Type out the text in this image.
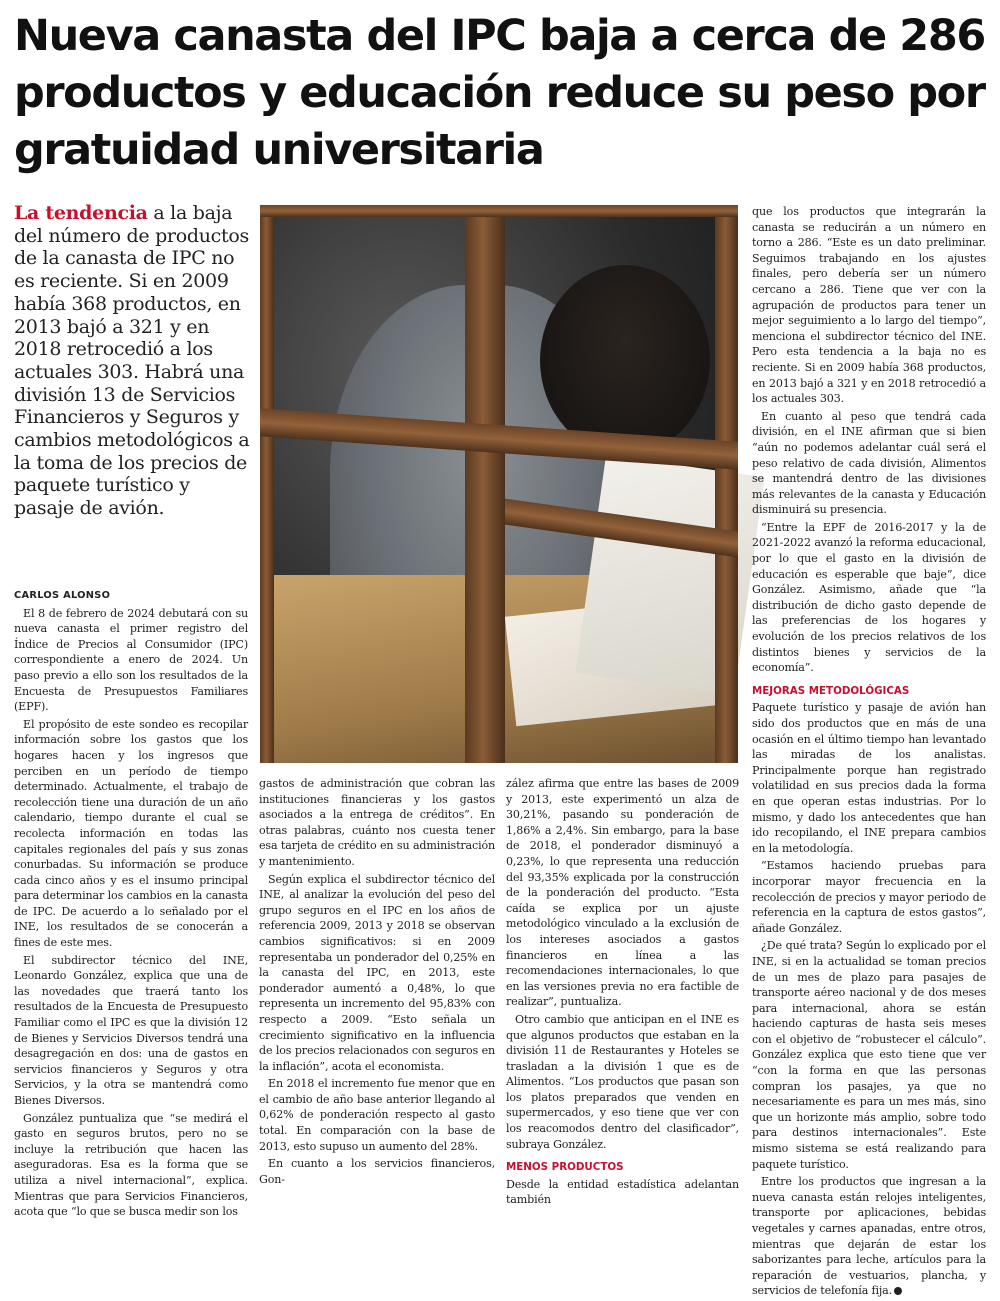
Nueva canasta del IPC baja a cerca de 286 productos y educación reduce su peso por gratuidad universitaria
La tendencia a la baja del número de productos de la canasta de IPC no es reciente. Si en 2009 había 368 productos, en 2013 bajó a 321 y en 2018 retrocedió a los actuales 303. Habrá una división 13 de Servicios Financieros y Seguros y cambios metodológicos a la toma de los precios de paquete turístico y pasaje de avión.
CARLOS ALONSO

El 8 de febrero de 2024 debutará con su nueva canasta el primer registro del Índice de Precios al Consumidor (IPC) correspondiente a enero de 2024. Un paso previo a ello son los resultados de la Encuesta de Presupuestos Familiares (EPF).

El propósito de este sondeo es recopilar información sobre los gastos que los hogares hacen y los ingresos que perciben en un período de tiempo determinado. Actualmente, el trabajo de recolección tiene una duración de un año calendario, tiempo durante el cual se recolecta información en todas las capitales regionales del país y sus zonas conurbadas. Su información se produce cada cinco años y es el insumo principal para determinar los cambios en la canasta de IPC. De acuerdo a lo señalado por el INE, los resultados de se conocerán a fines de este mes.

El subdirector técnico del INE, Leonardo González, explica que una de las novedades que traerá tanto los resultados de la Encuesta de Presupuesto Familiar como el IPC es que la división 12 de Bienes y Servicios Diversos tendrá una desagregación en dos: una de gastos en servicios financieros y Seguros y otra Servicios, y la otra se mantendrá como Bienes Diversos.

González puntualiza que “se medirá el gasto en seguros brutos, pero no se incluye la retribución que hacen las aseguradoras. Esa es la forma que se utiliza a nivel internacional”, explica. Mientras que para Servicios Financieros, acota que “lo que se busca medir son los

gastos de administración que cobran las instituciones financieras y los gastos asociados a la entrega de créditos”. En otras palabras, cuánto nos cuesta tener esa tarjeta de crédito en su administración y mantenimiento.

Según explica el subdirector técnico del INE, al analizar la evolución del peso del grupo seguros en el IPC en los años de referencia 2009, 2013 y 2018 se observan cambios significativos: si en 2009 representaba un ponderador del 0,25% en la canasta del IPC, en 2013, este ponderador aumentó a 0,48%, lo que representa un incremento del 95,83% con respecto a 2009. “Esto señala un crecimiento significativo en la influencia de los precios relacionados con seguros en la inflación”, acota el economista.

En 2018 el incremento fue menor que en el cambio de año base anterior llegando al 0,62% de ponderación respecto al gasto total. En comparación con la base de 2013, esto supuso un aumento del 28%.

En cuanto a los servicios financieros, Gon-

zález afirma que entre las bases de 2009 y 2013, este experimentó un alza de 30,21%, pasando su ponderación de 1,86% a 2,4%. Sin embargo, para la base de 2018, el ponderador disminuyó a 0,23%, lo que representa una reducción del 93,35% explicada por la construcción de la ponderación del producto. “Esta caída se explica por un ajuste metodológico vinculado a la exclusión de los intereses asociados a gastos financieros en línea a las recomendaciones internacionales, lo que en las versiones previa no era factible de realizar”, puntualiza.

Otro cambio que anticipan en el INE es que algunos productos que estaban en la división 11 de Restaurantes y Hoteles se trasladan a la división 1 que es de Alimentos. “Los productos que pasan son los platos preparados que venden en supermercados, y eso tiene que ver con los reacomodos dentro del clasificador”, subraya González.

MENOS PRODUCTOS

Desde la entidad estadística adelantan también

que los productos que integrarán la canasta se reducirán a un número en torno a 286. “Este es un dato preliminar. Seguimos trabajando en los ajustes finales, pero debería ser un número cercano a 286. Tiene que ver con la agrupación de productos para tener un mejor seguimiento a lo largo del tiempo”, menciona el subdirector técnico del INE. Pero esta tendencia a la baja no es reciente. Si en 2009 había 368 productos, en 2013 bajó a 321 y en 2018 retrocedió a los actuales 303.

En cuanto al peso que tendrá cada división, en el INE afirman que si bien “aún no podemos adelantar cuál será el peso relativo de cada división, Alimentos se mantendrá dentro de las divisiones más relevantes de la canasta y Educación disminuirá su presencia.

“Entre la EPF de 2016-2017 y la de 2021-2022 avanzó la reforma educacional, por lo que el gasto en la división de educación es esperable que baje”, dice González. Asimismo, añade que “la distribución de dicho gasto depende de las preferencias de los hogares y evolución de los precios relativos de los distintos bienes y servicios de la economía”.

MEJORAS METODOLÓGICAS

Paquete turístico y pasaje de avión han sido dos productos que en más de una ocasión en el último tiempo han levantado las miradas de los analistas. Principalmente porque han registrado volatilidad en sus precios dada la forma en que operan estas industrias. Por lo mismo, y dado los antecedentes que han ido recopilando, el INE prepara cambios en la metodología.

“Estamos haciendo pruebas para incorporar mayor frecuencia en la recolección de precios y mayor periodo de referencia en la captura de estos gastos”, añade González.

¿De qué trata? Según lo explicado por el INE, si en la actualidad se toman precios de un mes de plazo para pasajes de transporte aéreo nacional y de dos meses para internacional, ahora se están haciendo capturas de hasta seis meses con el objetivo de “robustecer el cálculo”. González explica que esto tiene que ver “con la forma en que las personas compran los pasajes, ya que no necesariamente es para un mes más, sino que un horizonte más amplio, sobre todo para destinos internacionales”. Este mismo sistema se está realizando para paquete turístico.

Entre los productos que ingresan a la nueva canasta están relojes inteligentes, transporte por aplicaciones, bebidas vegetales y carnes apanadas, entre otros, mientras que dejarán de estar los saborizantes para leche, artículos para la reparación de vestuarios, plancha, y servicios de telefonía fija.
